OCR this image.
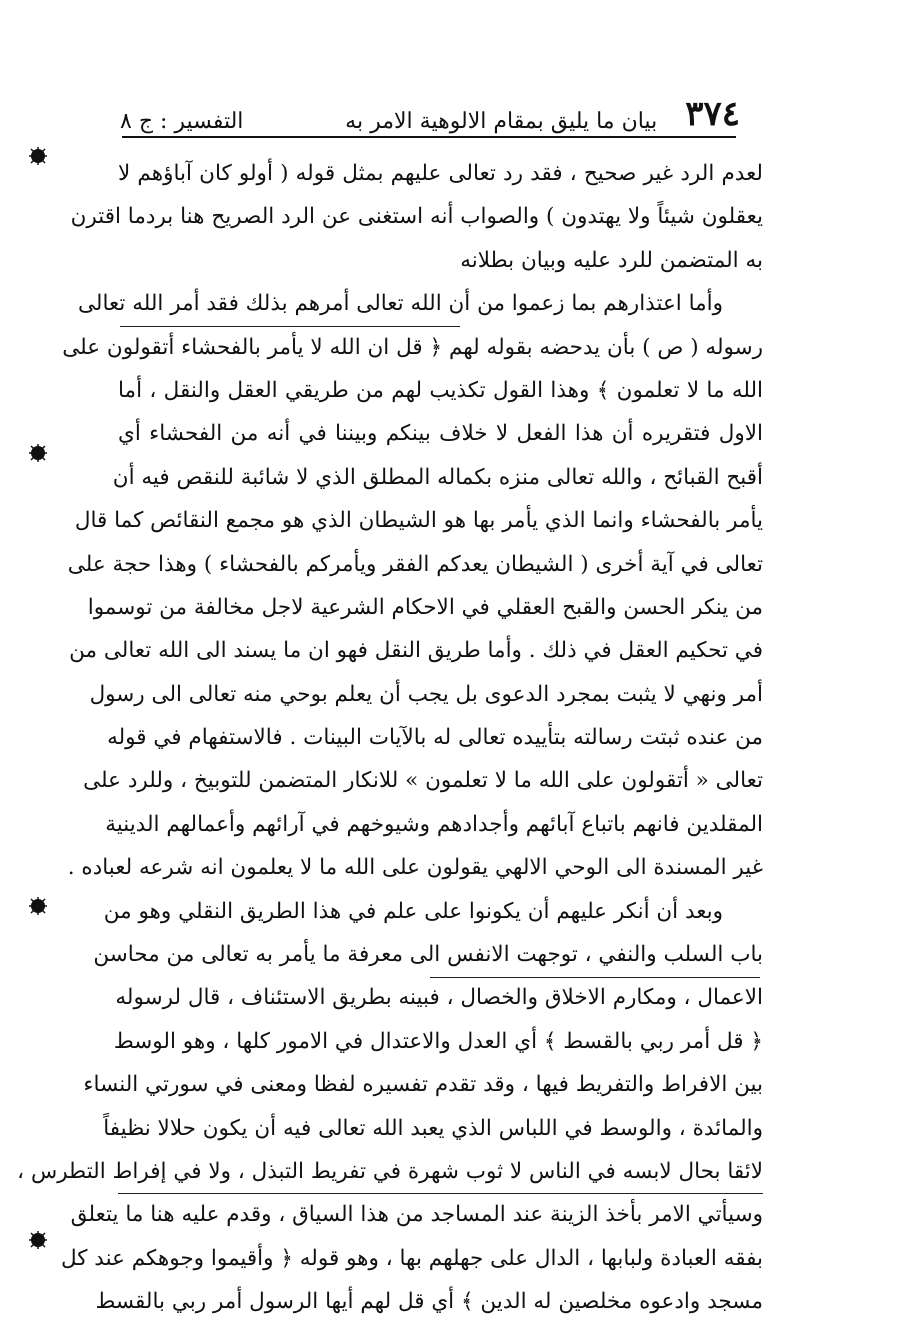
٣٧٤
بيان ما يليق بمقام الالوهية الامر به
التفسير : ج ٨
لعدم الرد غير صحيح ، فقد رد تعالى عليهم بمثل قوله ( أولو كان آباؤهم لا
يعقلون شيئاً ولا يهتدون ) والصواب أنه استغنى عن الرد الصريح هنا بردما اقترن
به المتضمن للرد عليه وبيان بطلانه
وأما اعتذارهم بما زعموا من أن الله تعالى أمرهم بذلك فقد أمر الله تعالى
رسوله ( ص ) بأن يدحضه بقوله لهم ﴿ قل ان الله لا يأمر بالفحشاء أتقولون على
الله ما لا تعلمون ﴾ وهذا القول تكذيب لهم من طريقي العقل والنقل ، أما
الاول فتقريره أن هذا الفعل لا خلاف بينكم وبيننا في أنه من الفحشاء أي
أقبح القبائح ، والله تعالى منزه بكماله المطلق الذي لا شائبة للنقص فيه أن
يأمر بالفحشاء وانما الذي يأمر بها هو الشيطان الذي هو مجمع النقائص كما قال
تعالى في آية أخرى ( الشيطان يعدكم الفقر ويأمركم بالفحشاء ) وهذا حجة على
من ينكر الحسن والقبح العقلي في الاحكام الشرعية لاجل مخالفة من توسموا
في تحكيم العقل في ذلك . وأما طريق النقل فهو ان ما يسند الى الله تعالى من
أمر ونهي لا يثبت بمجرد الدعوى بل يجب أن يعلم بوحي منه تعالى الى رسول
من عنده ثبتت رسالته بتأييده تعالى له بالآيات البينات . فالاستفهام في قوله
تعالى « أتقولون على الله ما لا تعلمون » للانكار المتضمن للتوبيخ ، وللرد على
المقلدين فانهم باتباع آبائهم وأجدادهم وشيوخهم في آرائهم وأعمالهم الدينية
غير المسندة الى الوحي الالهي يقولون على الله ما لا يعلمون انه شرعه لعباده .
وبعد أن أنكر عليهم أن يكونوا على علم في هذا الطريق النقلي وهو من
باب السلب والنفي ، توجهت الانفس الى معرفة ما يأمر به تعالى من محاسن
الاعمال ، ومكارم الاخلاق والخصال ، فبينه بطريق الاستئناف ، قال لرسوله
﴿ قل أمر ربي بالقسط ﴾ أي العدل والاعتدال في الامور كلها ، وهو الوسط
بين الافراط والتفريط فيها ، وقد تقدم تفسيره لفظا ومعنى في سورتي النساء
والمائدة ، والوسط في اللباس الذي يعبد الله تعالى فيه أن يكون حلالا نظيفاً
لائقا بحال لابسه في الناس لا ثوب شهرة في تفريط التبذل ، ولا في إفراط التطرس ،
وسيأتي الامر بأخذ الزينة عند المساجد من هذا السياق ، وقدم عليه هنا ما يتعلق
بفقه العبادة ولبابها ، الدال على جهلهم بها ، وهو قوله ﴿ وأقيموا وجوهكم عند كل
مسجد وادعوه مخلصين له الدين ﴾ أي قل لهم أيها الرسول أمر ربي بالقسط
